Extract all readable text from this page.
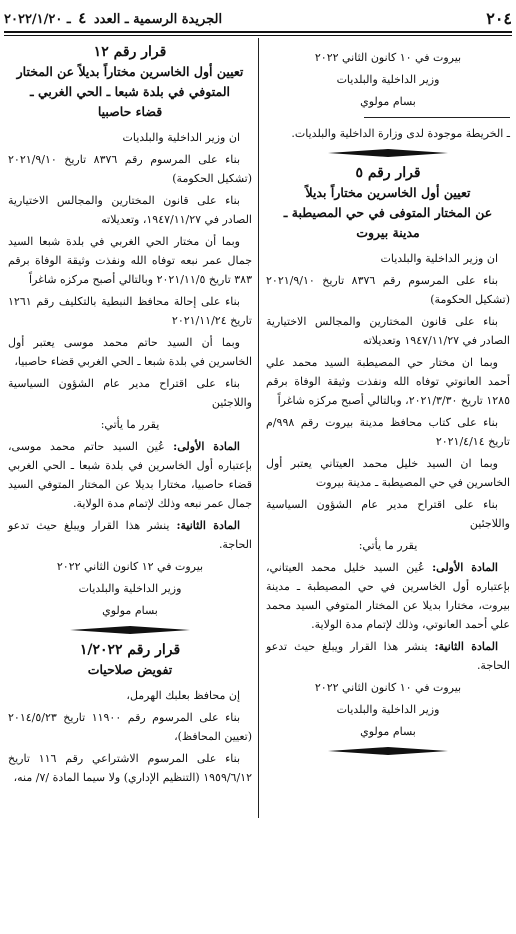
٢٠٤
الجريدة الرسمية ـ العدد ٤ ـ ٢٠٢٢/١/٢٠

بيروت في ١٠ كانون الثاني ٢٠٢٢

وزير الداخلية والبلديات

بسام مولوي

ـ الخريطة موجودة لدى وزارة الداخلية والبلديات.

قرار رقم ٥

تعيين أول الخاسرين مختاراً بديلاً

عن المختار المتوفى في حي المصيطبة ـ

مدينة بيروت

ان وزير الداخلية والبلديات

بناء على المرسوم رقم ٨٣٧٦ تاريخ ٢٠٢١/٩/١٠ (تشكيل الحكومة)

بناء على قانون المختارين والمجالس الاختيارية الصادر في ١٩٤٧/١١/٢٧ وتعديلاته

وبما ان مختار حي المصيطبة السيد محمد علي أحمد العانوتي توفاه الله ونفذت وثيقة الوفاة برقم ١٢٨٥ تاريخ ٢٠٢١/٣/٣٠، وبالتالي أصبح مركزه شاغراً

بناء على كتاب محافظ مدينة بيروت رقم ٩٩٨/م تاريخ ٢٠٢١/٤/١٤

وبما ان السيد خليل محمد العيتاني يعتبر أول الخاسرين في حي المصيطبة ـ مدينة بيروت

بناء على اقتراح مدير عام الشؤون السياسية واللاجئين

يقرر ما يأتي:

المادة الأولى: عُين السيد خليل محمد العيتاني، بإعتباره أول الخاسرين في حي المصيطبة ـ مدينة بيروت، مختارا بديلا عن المختار المتوفي السيد محمد علي أحمد العانوتي، وذلك لإتمام مدة الولاية.

المادة الثانية: ينشر هذا القرار ويبلغ حيث تدعو الحاجة.

بيروت في ١٠ كانون الثاني ٢٠٢٢

وزير الداخلية والبلديات

بسام مولوي

قرار رقم ١٢

تعيين أول الخاسرين مختاراً بديلاً عن المختار

المتوفي في بلدة شبعا ـ الحي الغربي ـ

قضاء حاصبيا

ان وزير الداخلية والبلديات

بناء على المرسوم رقم ٨٣٧٦ تاريخ ٢٠٢١/٩/١٠ (تشكيل الحكومة)

بناء على قانون المختارين والمجالس الاختيارية الصادر في ١٩٤٧/١١/٢٧، وتعديلاته

وبما أن مختار الحي الغربي في بلدة شبعا السيد جمال عمر نبعه توفاه الله ونفذت وثيقة الوفاة برقم ٣٨٣ تاريخ ٢٠٢١/١١/٥ وبالتالي أصبح مركزه شاغراً

بناء على إحالة محافظ النبطية بالتكليف رقم ١٢٦١ تاريخ ٢٠٢١/١١/٢٤

وبما أن السيد حاتم محمد موسى يعتبر أول الخاسرين في بلدة شبعا ـ الحي الغربي قضاء حاصبيا،

بناء على اقتراح مدير عام الشؤون السياسية واللاجئين

يقرر ما يأتي:

المادة الأولى: عُين السيد حاتم محمد موسى، بإعتباره أول الخاسرين في بلدة شبعا ـ الحي الغربي قضاء حاصبيا، مختارا بديلا عن المختار المتوفي السيد جمال عمر نبعه وذلك لإتمام مدة الولاية.

المادة الثانية: ينشر هذا القرار ويبلغ حيث تدعو الحاجة.

بيروت في ١٢ كانون الثاني ٢٠٢٢

وزير الداخلية والبلديات

بسام مولوي

قرار رقم ١/٢٠٢٢

تفويض صلاحيات

إن محافظ بعلبك الهرمل،

بناء على المرسوم رقم ١١٩٠٠ تاريخ ٢٠١٤/٥/٢٣ (تعيين المحافظ)،

بناء على المرسوم الاشتراعي رقم ١١٦ تاريخ ١٩٥٩/٦/١٢ (التنظيم الإداري) ولا سيما المادة /٧/ منه،
